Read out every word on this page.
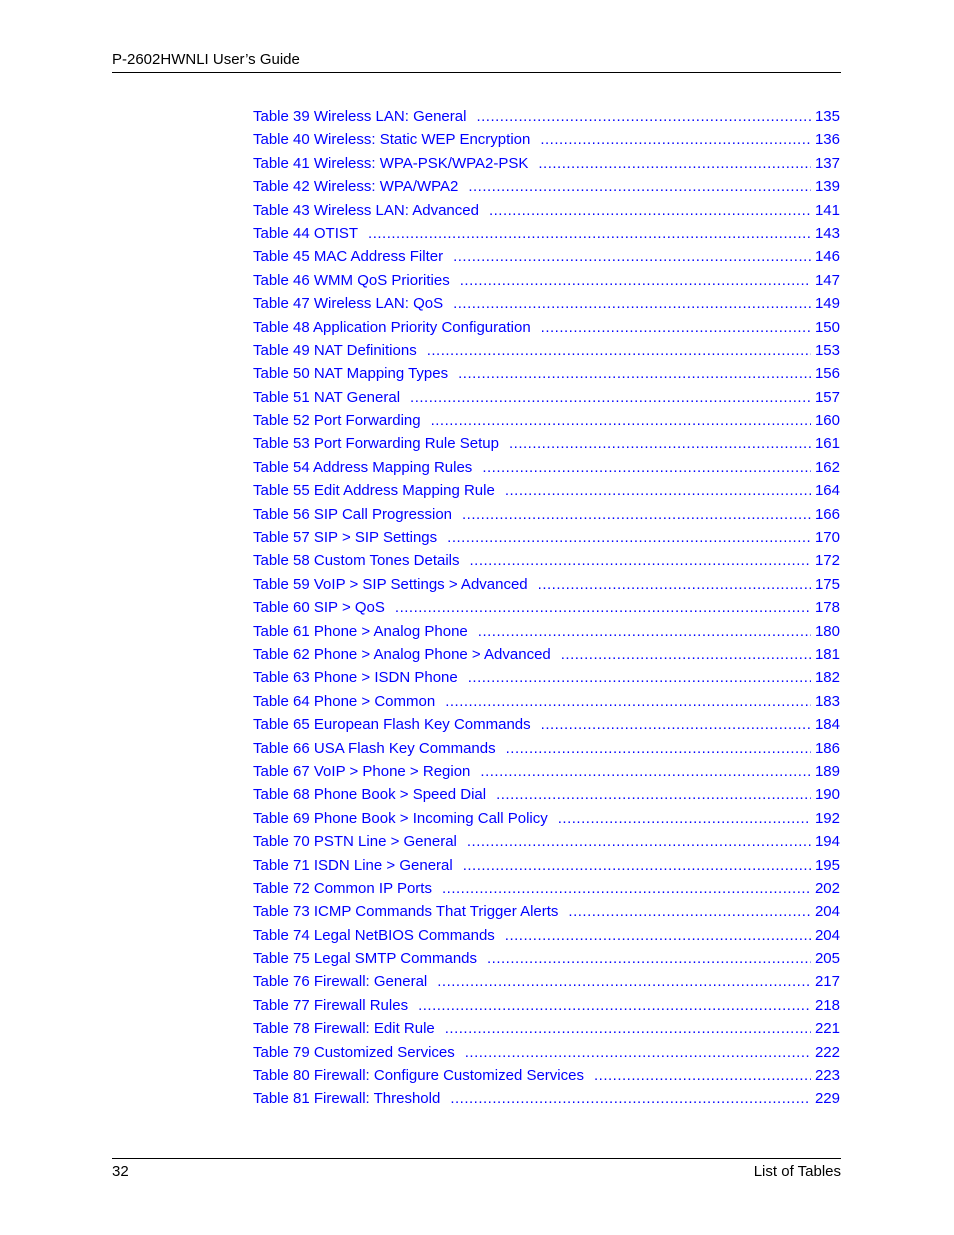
P-2602HWNLI User’s Guide
Table 39 Wireless LAN: General .....	135
Table 40 Wireless: Static WEP Encryption .....	136
Table 41 Wireless: WPA-PSK/WPA2-PSK .....	137
Table 42 Wireless: WPA/WPA2 .....	139
Table 43 Wireless LAN: Advanced .....	141
Table 44 OTIST .....	143
Table 45 MAC Address Filter .....	146
Table 46 WMM QoS Priorities .....	147
Table 47 Wireless LAN: QoS .....	149
Table 48 Application Priority Configuration .....	150
Table 49 NAT Definitions .....	153
Table 50 NAT Mapping Types .....	156
Table 51 NAT General .....	157
Table 52 Port Forwarding .....	160
Table 53 Port Forwarding Rule Setup .....	161
Table 54 Address Mapping Rules .....	162
Table 55 Edit Address Mapping Rule .....	164
Table 56 SIP Call Progression .....	166
Table 57 SIP > SIP Settings .....	170
Table 58 Custom Tones Details .....	172
Table 59 VoIP > SIP Settings > Advanced .....	175
Table 60 SIP > QoS .....	178
Table 61 Phone > Analog Phone .....	180
Table 62 Phone > Analog Phone > Advanced .....	181
Table 63 Phone > ISDN Phone .....	182
Table 64 Phone > Common .....	183
Table 65 European Flash Key Commands .....	184
Table 66 USA Flash Key Commands .....	186
Table 67 VoIP > Phone > Region .....	189
Table 68 Phone Book > Speed Dial .....	190
Table 69 Phone Book > Incoming Call Policy .....	192
Table 70 PSTN Line > General .....	194
Table 71 ISDN Line > General .....	195
Table 72 Common IP Ports .....	202
Table 73 ICMP Commands That Trigger Alerts .....	204
Table 74 Legal NetBIOS Commands .....	204
Table 75 Legal SMTP Commands .....	205
Table 76 Firewall: General .....	217
Table 77 Firewall Rules .....	218
Table 78 Firewall: Edit Rule .....	221
Table 79 Customized Services .....	222
Table 80 Firewall: Configure Customized Services .....	223
Table 81 Firewall: Threshold .....	229
32	List of Tables
